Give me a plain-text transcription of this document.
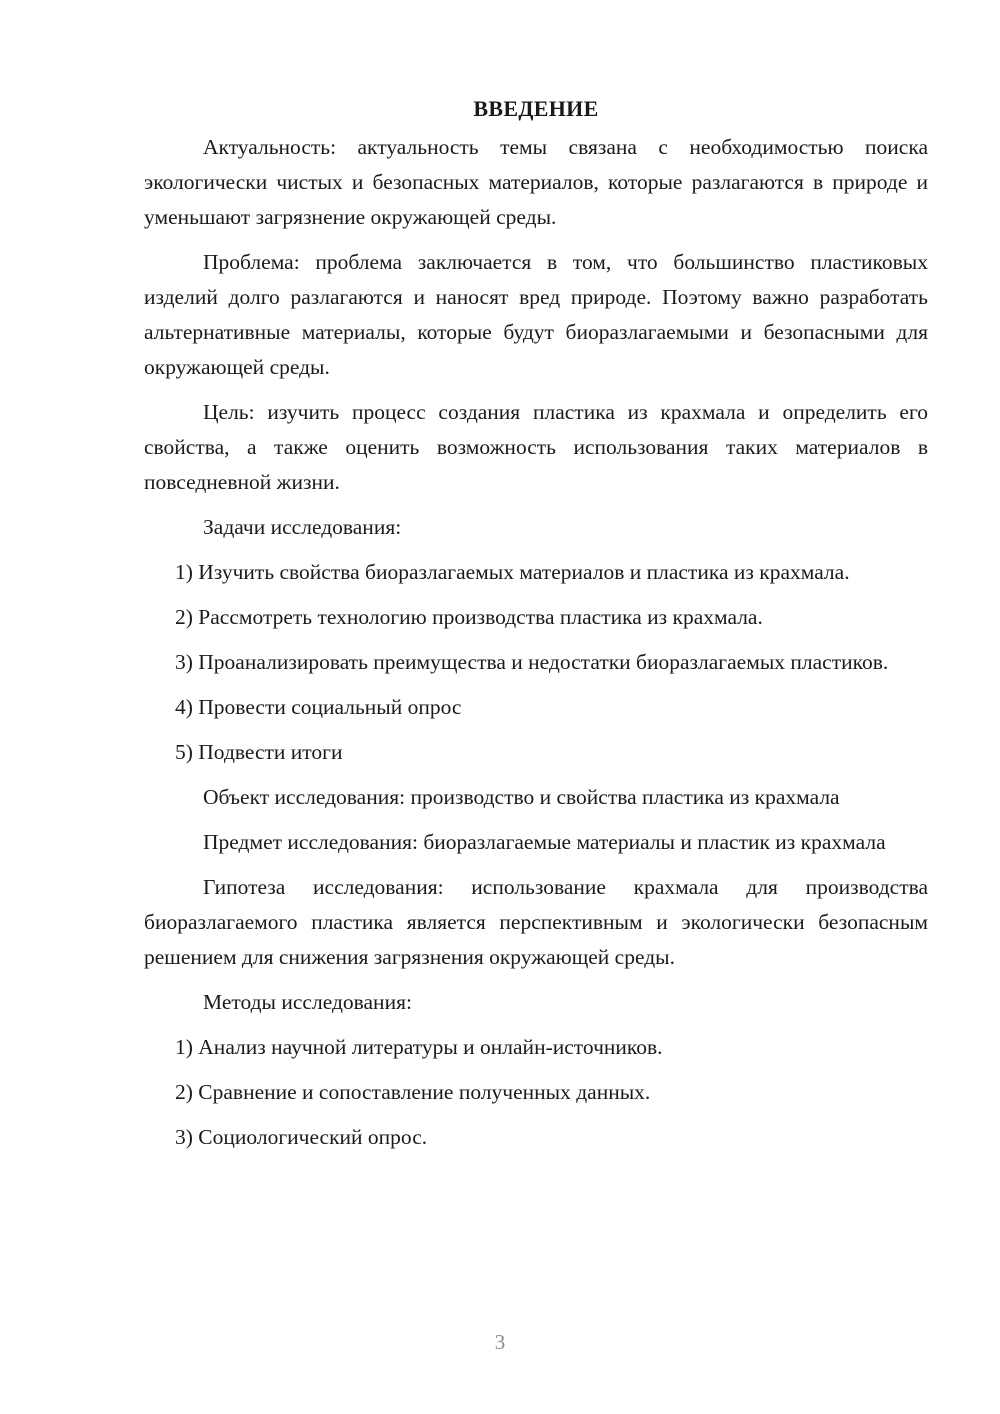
ВВЕДЕНИЕ

Актуальность: актуальность темы связана с необходимостью поиска экологически чистых и безопасных материалов, которые разлагаются в природе и уменьшают загрязнение окружающей среды.

Проблема: проблема заключается в том, что большинство пластиковых изделий долго разлагаются и наносят вред природе. Поэтому важно разработать альтернативные материалы, которые будут биоразлагаемыми и безопасными для окружающей среды.

Цель: изучить процесс создания пластика из крахмала и определить его свойства, а также оценить возможность использования таких материалов в повседневной жизни.

Задачи исследования:

1) Изучить свойства биоразлагаемых материалов и пластика из крахмала.

2) Рассмотреть технологию производства пластика из крахмала.

3) Проанализировать преимущества и недостатки биоразлагаемых пластиков.

4) Провести социальный опрос

5) Подвести итоги

Объект исследования: производство и свойства пластика из крахмала

Предмет исследования: биоразлагаемые материалы и пластик из крахмала

Гипотеза исследования: использование крахмала для производства биоразлагаемого пластика является перспективным и экологически безопасным решением для снижения загрязнения окружающей среды.

Методы исследования:

1) Анализ научной литературы и онлайн-источников.

2) Сравнение и сопоставление полученных данных.

3) Социологический опрос.

3
